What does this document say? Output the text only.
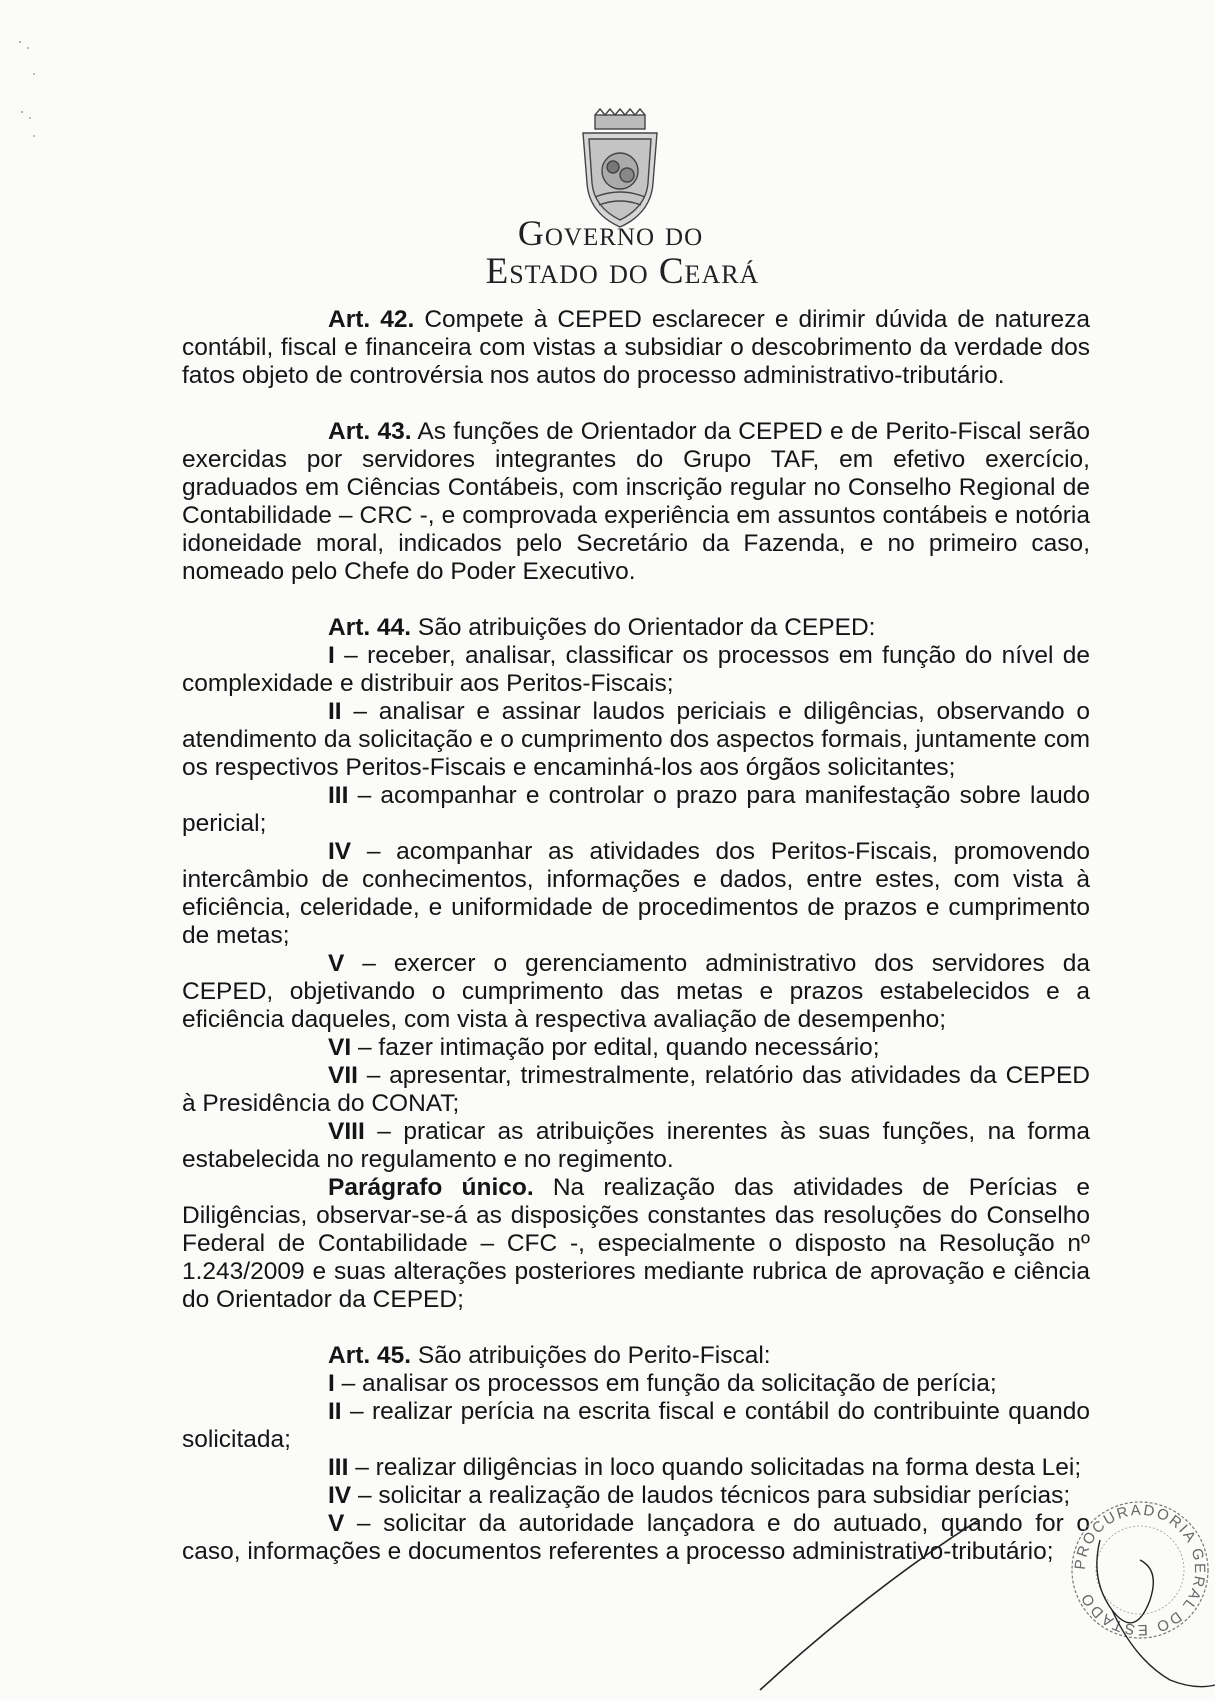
Governo do
Estado do Ceará

Art. 42. Compete à CEPED esclarecer e dirimir dúvida de natureza contábil, fiscal e financeira com vistas a subsidiar o descobrimento da verdade dos fatos objeto de controvérsia nos autos do processo administrativo-tributário.

Art. 43. As funções de Orientador da CEPED e de Perito-Fiscal serão exercidas por servidores integrantes do Grupo TAF, em efetivo exercício, graduados em Ciências Contábeis, com inscrição regular no Conselho Regional de Contabilidade – CRC -, e comprovada experiência em assuntos contábeis e notória idoneidade moral, indicados pelo Secretário da Fazenda, e no primeiro caso, nomeado pelo Chefe do Poder Executivo.

Art. 44. São atribuições do Orientador da CEPED:

I – receber, analisar, classificar os processos em função do nível de complexidade e distribuir aos Peritos-Fiscais;

II – analisar e assinar laudos periciais e diligências, observando o atendimento da solicitação e o cumprimento dos aspectos formais, juntamente com os respectivos Peritos-Fiscais e encaminhá-los aos órgãos solicitantes;

III – acompanhar e controlar o prazo para manifestação sobre laudo pericial;

IV – acompanhar as atividades dos Peritos-Fiscais, promovendo intercâmbio de conhecimentos, informações e dados, entre estes, com vista à eficiência, celeridade, e uniformidade de procedimentos de prazos e cumprimento de metas;

V – exercer o gerenciamento administrativo dos servidores da CEPED, objetivando o cumprimento das metas e prazos estabelecidos e a eficiência daqueles, com vista à respectiva avaliação de desempenho;

VI – fazer intimação por edital, quando necessário;

VII – apresentar, trimestralmente, relatório das atividades da CEPED à Presidência do CONAT;

VIII – praticar as atribuições inerentes às suas funções, na forma estabelecida no regulamento e no regimento.

Parágrafo único. Na realização das atividades de Perícias e Diligências, observar-se-á as disposições constantes das resoluções do Conselho Federal de Contabilidade – CFC -, especialmente o disposto na Resolução nº 1.243/2009 e suas alterações posteriores mediante rubrica de aprovação e ciência do Orientador da CEPED;

Art. 45. São atribuições do Perito-Fiscal:

I – analisar os processos em função da solicitação de perícia;

II – realizar perícia na escrita fiscal e contábil do contribuinte quando solicitada;

III – realizar diligências in loco quando solicitadas na forma desta Lei;

IV – solicitar a realização de laudos técnicos para subsidiar perícias;

V – solicitar da autoridade lançadora e do autuado, quando for o caso, informações e documentos referentes a processo administrativo-tributário;	PROCURADORIA GERAL DO ESTADO
